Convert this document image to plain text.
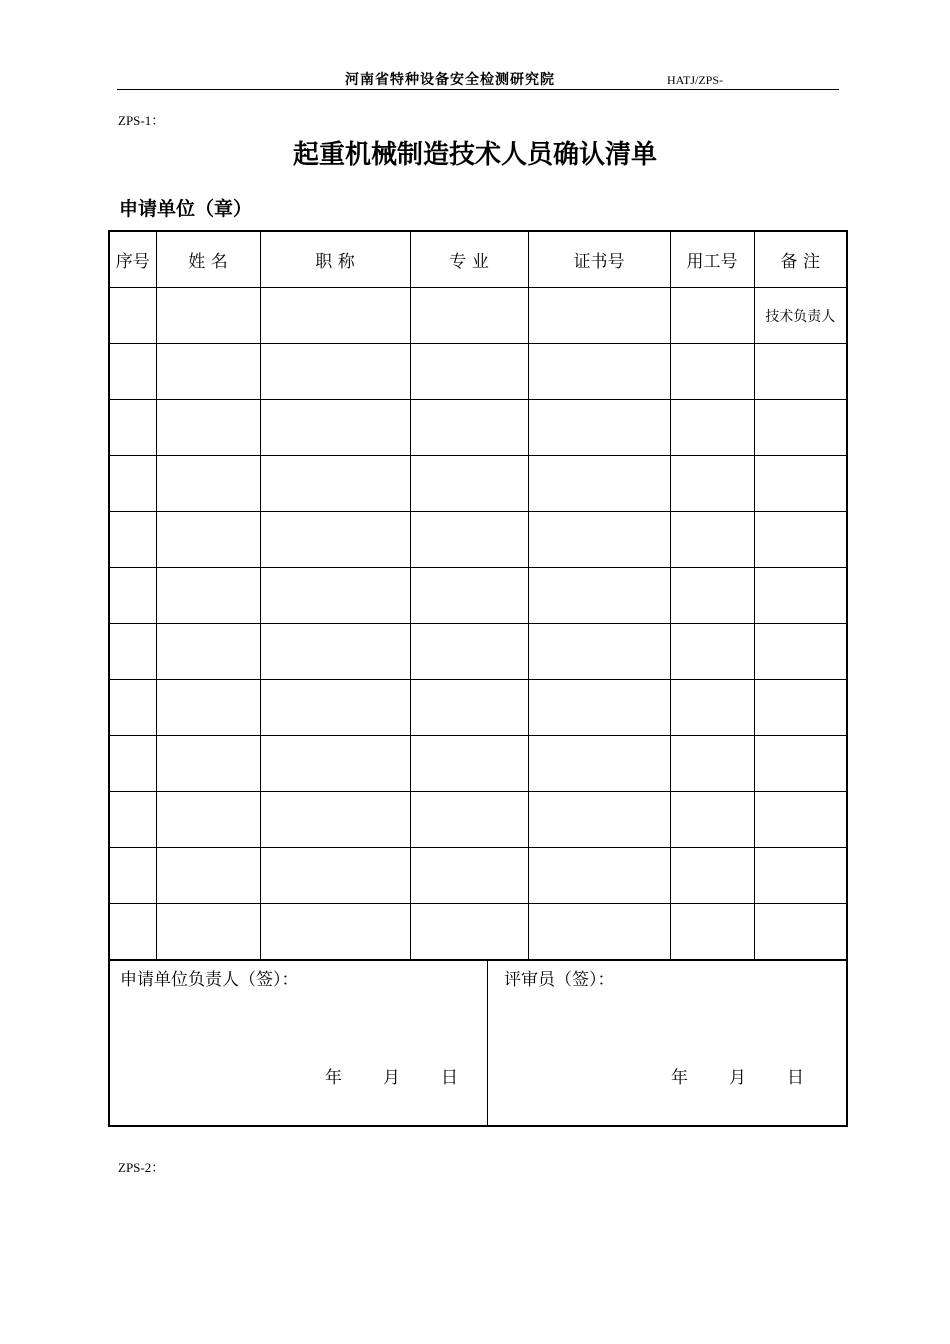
河南省特种设备安全检测研究院	HATJ/ZPS-
ZPS-1：
起重机械制造技术人员确认清单
申请单位（章）
序号	姓 名	职 称	专 业	证书号	用工号	备 注
						技术负责人

申请单位负责人（签）：	评审员（签）：
年 月 日	年 月 日
ZPS-2：
